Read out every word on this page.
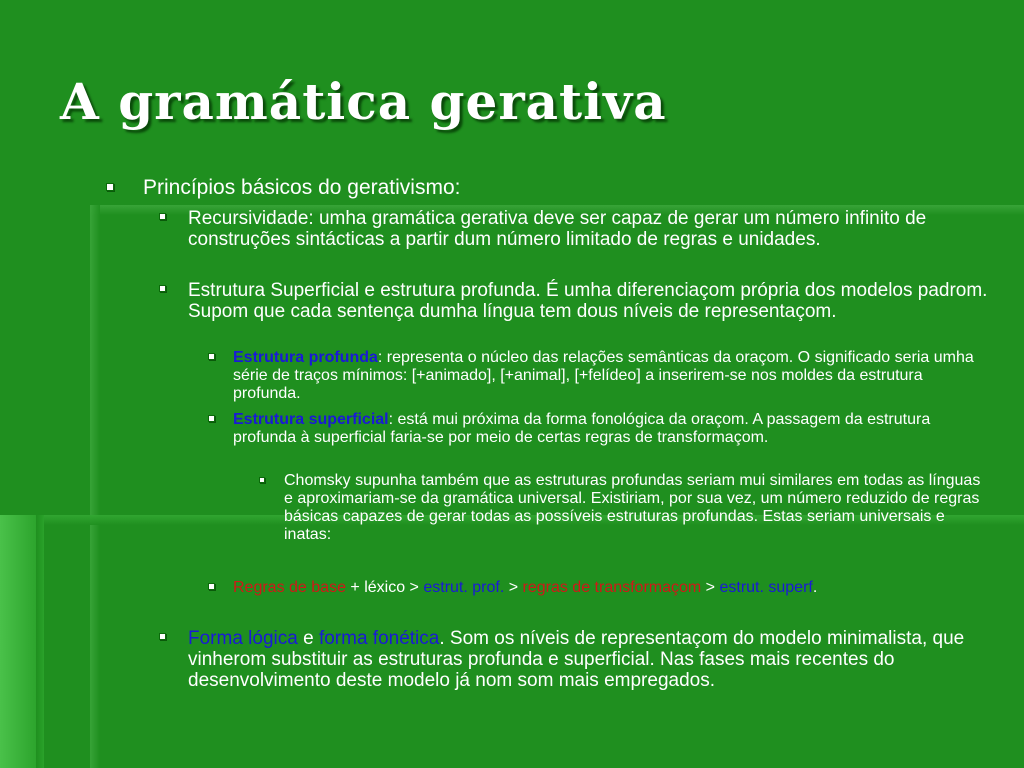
A gramática gerativa
Princípios básicos do gerativismo:
Recursividade: umha gramática gerativa deve ser capaz de gerar um número infinito de construções sintácticas a partir dum número limitado de regras e unidades.
Estrutura Superficial e estrutura profunda. É umha diferenciaçom própria dos modelos padrom. Supom que cada sentença dumha língua tem dous níveis de representaçom.
Estrutura profunda: representa o núcleo das relações semânticas da oraçom. O significado seria umha série de traços mínimos: [+animado], [+animal], [+felídeo] a inserirem-se nos moldes da estrutura profunda.
Estrutura superficial: está mui próxima da forma fonológica da oraçom. A passagem da estrutura profunda à superficial faria-se por meio de certas regras de transformaçom.
Chomsky supunha também que as estruturas profundas seriam mui similares em todas as línguas e aproximariam-se da gramática universal. Existiriam, por sua vez, um número reduzido de regras básicas capazes de gerar todas as possíveis estruturas profundas. Estas seriam universais e inatas:
Regras de base + léxico > estrut. prof. > regras de transformaçom > estrut. superf.
Forma lógica e forma fonética. Som os níveis de representaçom do modelo minimalista, que vinherom substituir as estruturas profunda e superficial. Nas fases mais recentes do desenvolvimento deste modelo já nom som mais empregados.
